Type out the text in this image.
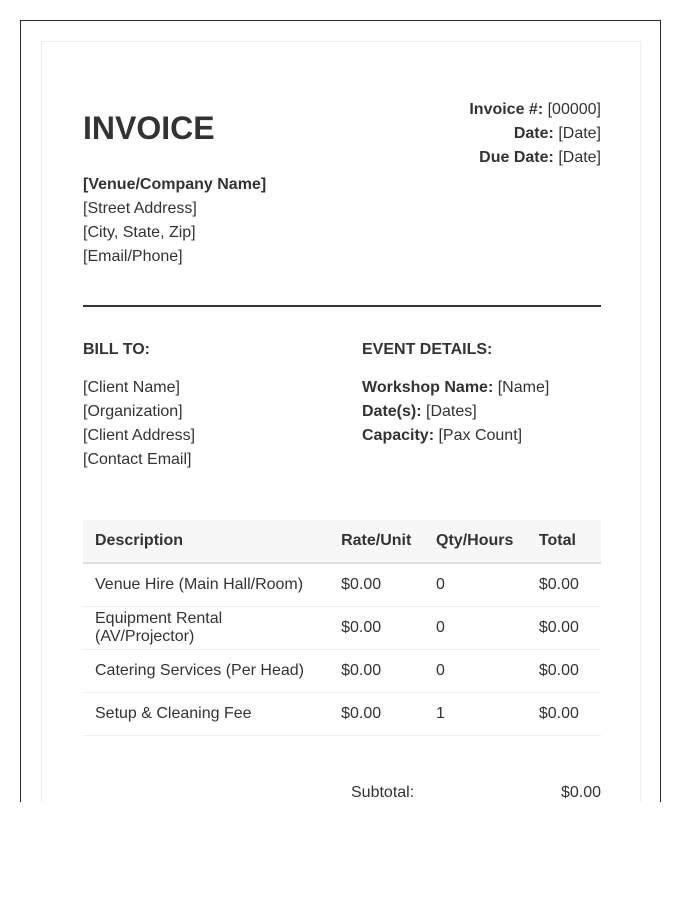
INVOICE
Invoice #: [00000]
Date: [Date]
Due Date: [Date]
[Venue/Company Name]
[Street Address]
[City, State, Zip]
[Email/Phone]
BILL TO:
[Client Name]
[Organization]
[Client Address]
[Contact Email]
EVENT DETAILS:
Workshop Name: [Name]
Date(s): [Dates]
Capacity: [Pax Count]
Description	Rate/Unit	Qty/Hours	Total
Venue Hire (Main Hall/Room)	$0.00	0	$0.00
Equipment Rental (AV/Projector)	$0.00	0	$0.00
Catering Services (Per Head)	$0.00	0	$0.00
Setup & Cleaning Fee	$0.00	1	$0.00
Subtotal:	$0.00
